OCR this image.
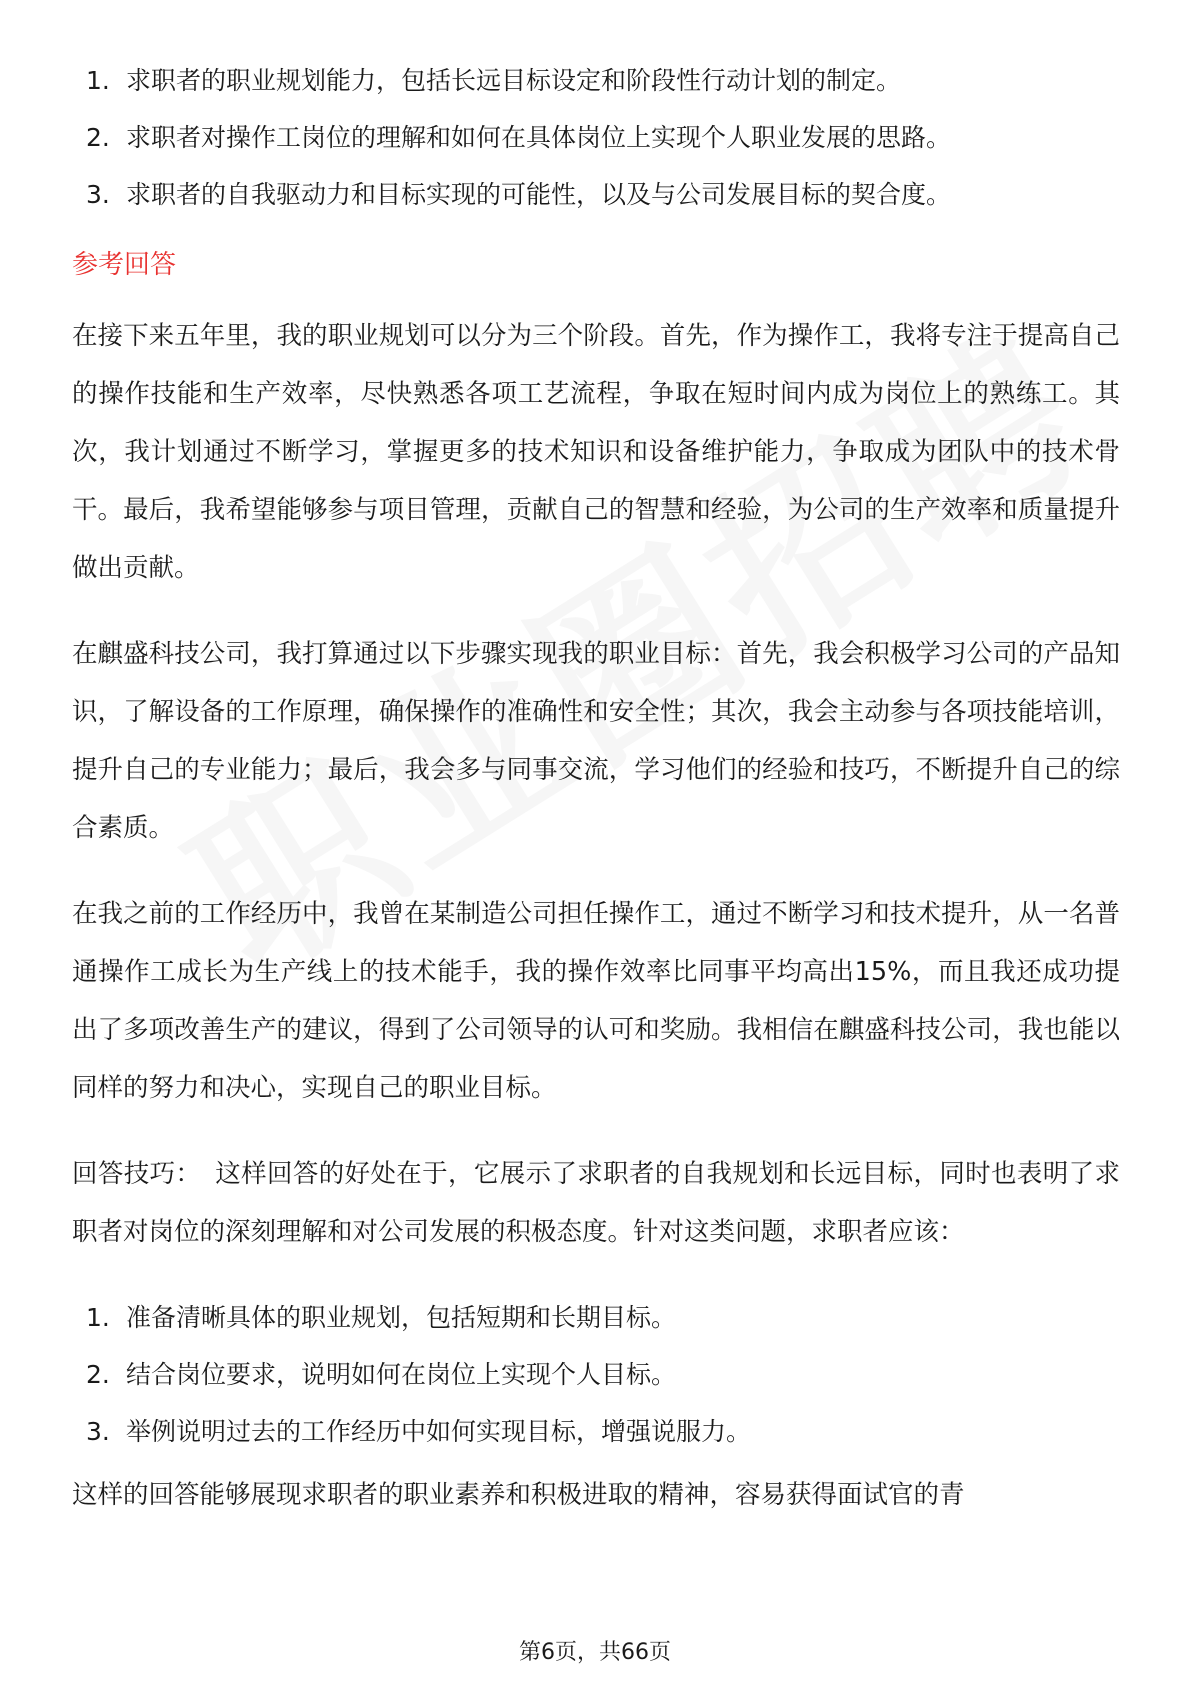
1. 求职者的职业规划能力，包括长远目标设定和阶段性行动计划的制定。
2. 求职者对操作工岗位的理解和如何在具体岗位上实现个人职业发展的思路。
3. 求职者的自我驱动力和目标实现的可能性，以及与公司发展目标的契合度。
参考回答

在接下来五年里，我的职业规划可以分为三个阶段。首先，作为操作工，我将专注于提高自己的操作技能和生产效率，尽快熟悉各项工艺流程，争取在短时间内成为岗位上的熟练工。其次，我计划通过不断学习，掌握更多的技术知识和设备维护能力，争取成为团队中的技术骨干。最后，我希望能够参与项目管理，贡献自己的智慧和经验，为公司的生产效率和质量提升做出贡献。

在麒盛科技公司，我打算通过以下步骤实现我的职业目标：首先，我会积极学习公司的产品知识，了解设备的工作原理，确保操作的准确性和安全性；其次，我会主动参与各项技能培训，提升自己的专业能力；最后，我会多与同事交流，学习他们的经验和技巧，不断提升自己的综合素质。

在我之前的工作经历中，我曾在某制造公司担任操作工，通过不断学习和技术提升，从一名普通操作工成长为生产线上的技术能手，我的操作效率比同事平均高出15%，而且我还成功提出了多项改善生产的建议，得到了公司领导的认可和奖励。我相信在麒盛科技公司，我也能以同样的努力和决心，实现自己的职业目标。

回答技巧： 这样回答的好处在于，它展示了求职者的自我规划和长远目标，同时也表明了求职者对岗位的深刻理解和对公司发展的积极态度。针对这类问题，求职者应该：

1. 准备清晰具体的职业规划，包括短期和长期目标。
2. 结合岗位要求，说明如何在岗位上实现个人目标。
3. 举例说明过去的工作经历中如何实现目标，增强说服力。

这样的回答能够展现求职者的职业素养和积极进取的精神，容易获得面试官的青

第6页，共66页
